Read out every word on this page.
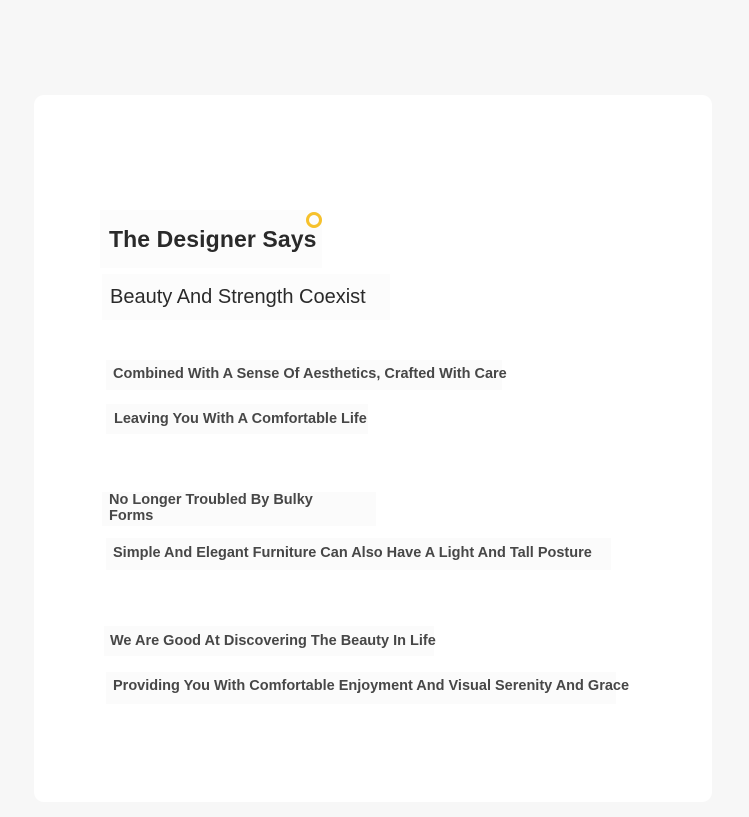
The Designer Says
Beauty And Strength Coexist
Combined With A Sense Of Aesthetics, Crafted With Care
Leaving You With A Comfortable Life
No Longer Troubled By Bulky Forms
Simple And Elegant Furniture Can Also Have A Light And Tall Posture
We Are Good At Discovering The Beauty In Life
Providing You With Comfortable Enjoyment And Visual Serenity And Grace
